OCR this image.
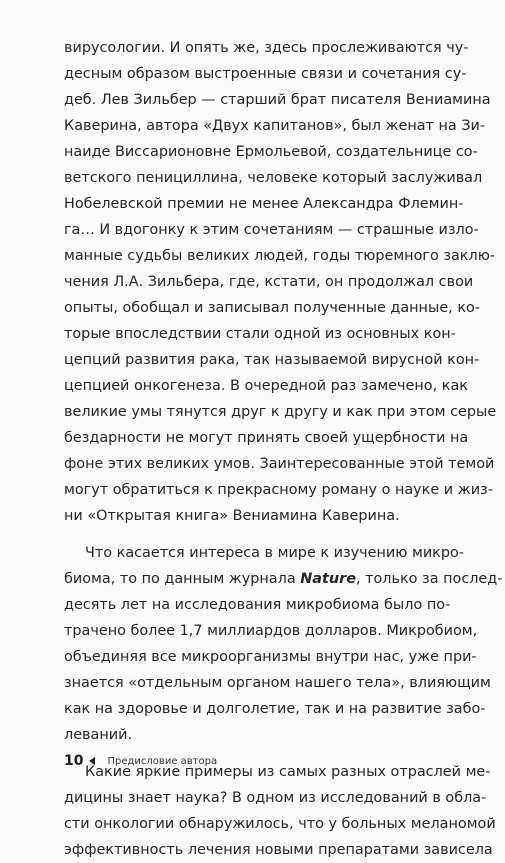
вирусологии. И опять же, здесь прослеживаются чу-
десным образом выстроенные связи и сочетания су-
деб. Лев Зильбер — старший брат писателя Вениамина
Каверина, автора «Двух капитанов», был женат на Зи-
наиде Виссарионовне Ермольевой, создательнице со-
ветского пенициллина, человеке который заслуживал
Нобелевской премии не менее Александра Флемин-
га… И вдогонку к этим сочетаниям — страшные изло-
манные судьбы великих людей, годы тюремного заклю-
чения Л.А. Зильбера, где, кстати, он продолжал свои
опыты, обобщал и записывал полученные данные, ко-
торые впоследствии стали одной из основных кон-
цепций развития рака, так называемой вирусной кон-
цепцией онкогенеза. В очередной раз замечено, как
великие умы тянутся друг к другу и как при этом серые
бездарности не могут принять своей ущербности на
фоне этих великих умов. Заинтересованные этой темой
могут обратиться к прекрасному роману о науке и жиз-
ни «Открытая книга» Вениамина Каверина.
Что касается интереса в мире к изучению микро-
биома, то по данным журнала Nature, только за послед-
десять лет на исследования микробиома было по-
трачено более 1,7 миллиардов долларов. Микробиом,
объединяя все микроорганизмы внутри нас, уже при-
знается «отдельным органом нашего тела», влияющим
как на здоровье и долголетие, так и на развитие забо-
леваний.
Какие яркие примеры из самых разных отраслей ме-
дицины знает наука? В одном из исследований в обла-
сти онкологии обнаружилось, что у больных меланомой
эффективность лечения новыми препаратами зависела
10 Предисловие автора
